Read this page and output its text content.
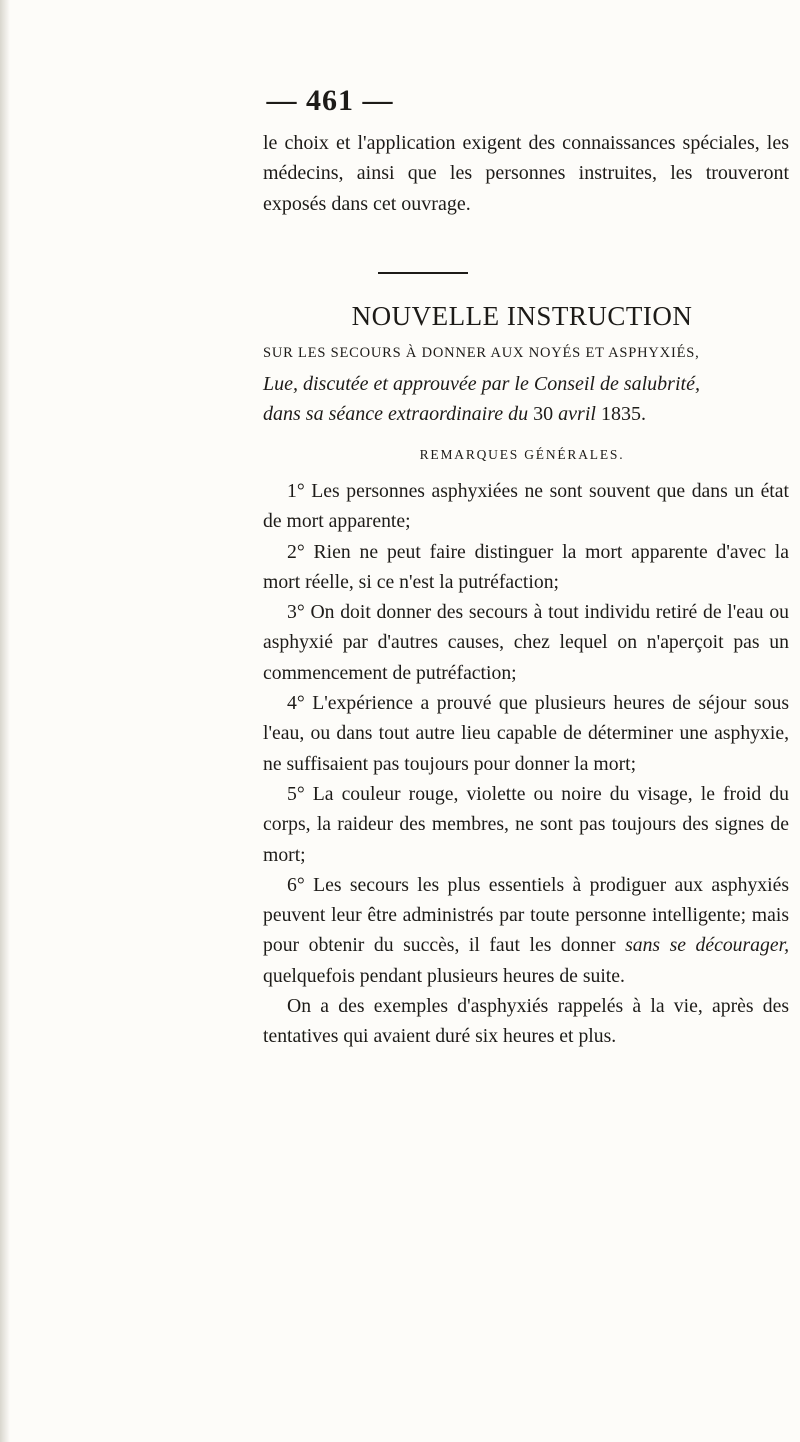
— 461 —

le choix et l'application exigent des connaissances spéciales, les médecins, ainsi que les personnes instruites, les trouveront exposés dans cet ouvrage.

NOUVELLE INSTRUCTION
SUR LES SECOURS À DONNER AUX NOYÉS ET ASPHYXIÉS,
Lue, discutée et approuvée par le Conseil de salubrité,
dans sa séance extraordinaire du 30 avril 1835.
REMARQUES GÉNÉRALES.

1° Les personnes asphyxiées ne sont souvent que dans un état de mort apparente;

2° Rien ne peut faire distinguer la mort apparente d'avec la mort réelle, si ce n'est la putréfaction;

3° On doit donner des secours à tout individu retiré de l'eau ou asphyxié par d'autres causes, chez lequel on n'aperçoit pas un commencement de putréfaction;

4° L'expérience a prouvé que plusieurs heures de séjour sous l'eau, ou dans tout autre lieu capable de déterminer une asphyxie, ne suffisaient pas toujours pour donner la mort;

5° La couleur rouge, violette ou noire du visage, le froid du corps, la raideur des membres, ne sont pas toujours des signes de mort;

6° Les secours les plus essentiels à prodiguer aux asphyxiés peuvent leur être administrés par toute personne intelligente; mais pour obtenir du succès, il faut les donner sans se décourager, quelquefois pendant plusieurs heures de suite.

On a des exemples d'asphyxiés rappelés à la vie, après des tentatives qui avaient duré six heures et plus.
